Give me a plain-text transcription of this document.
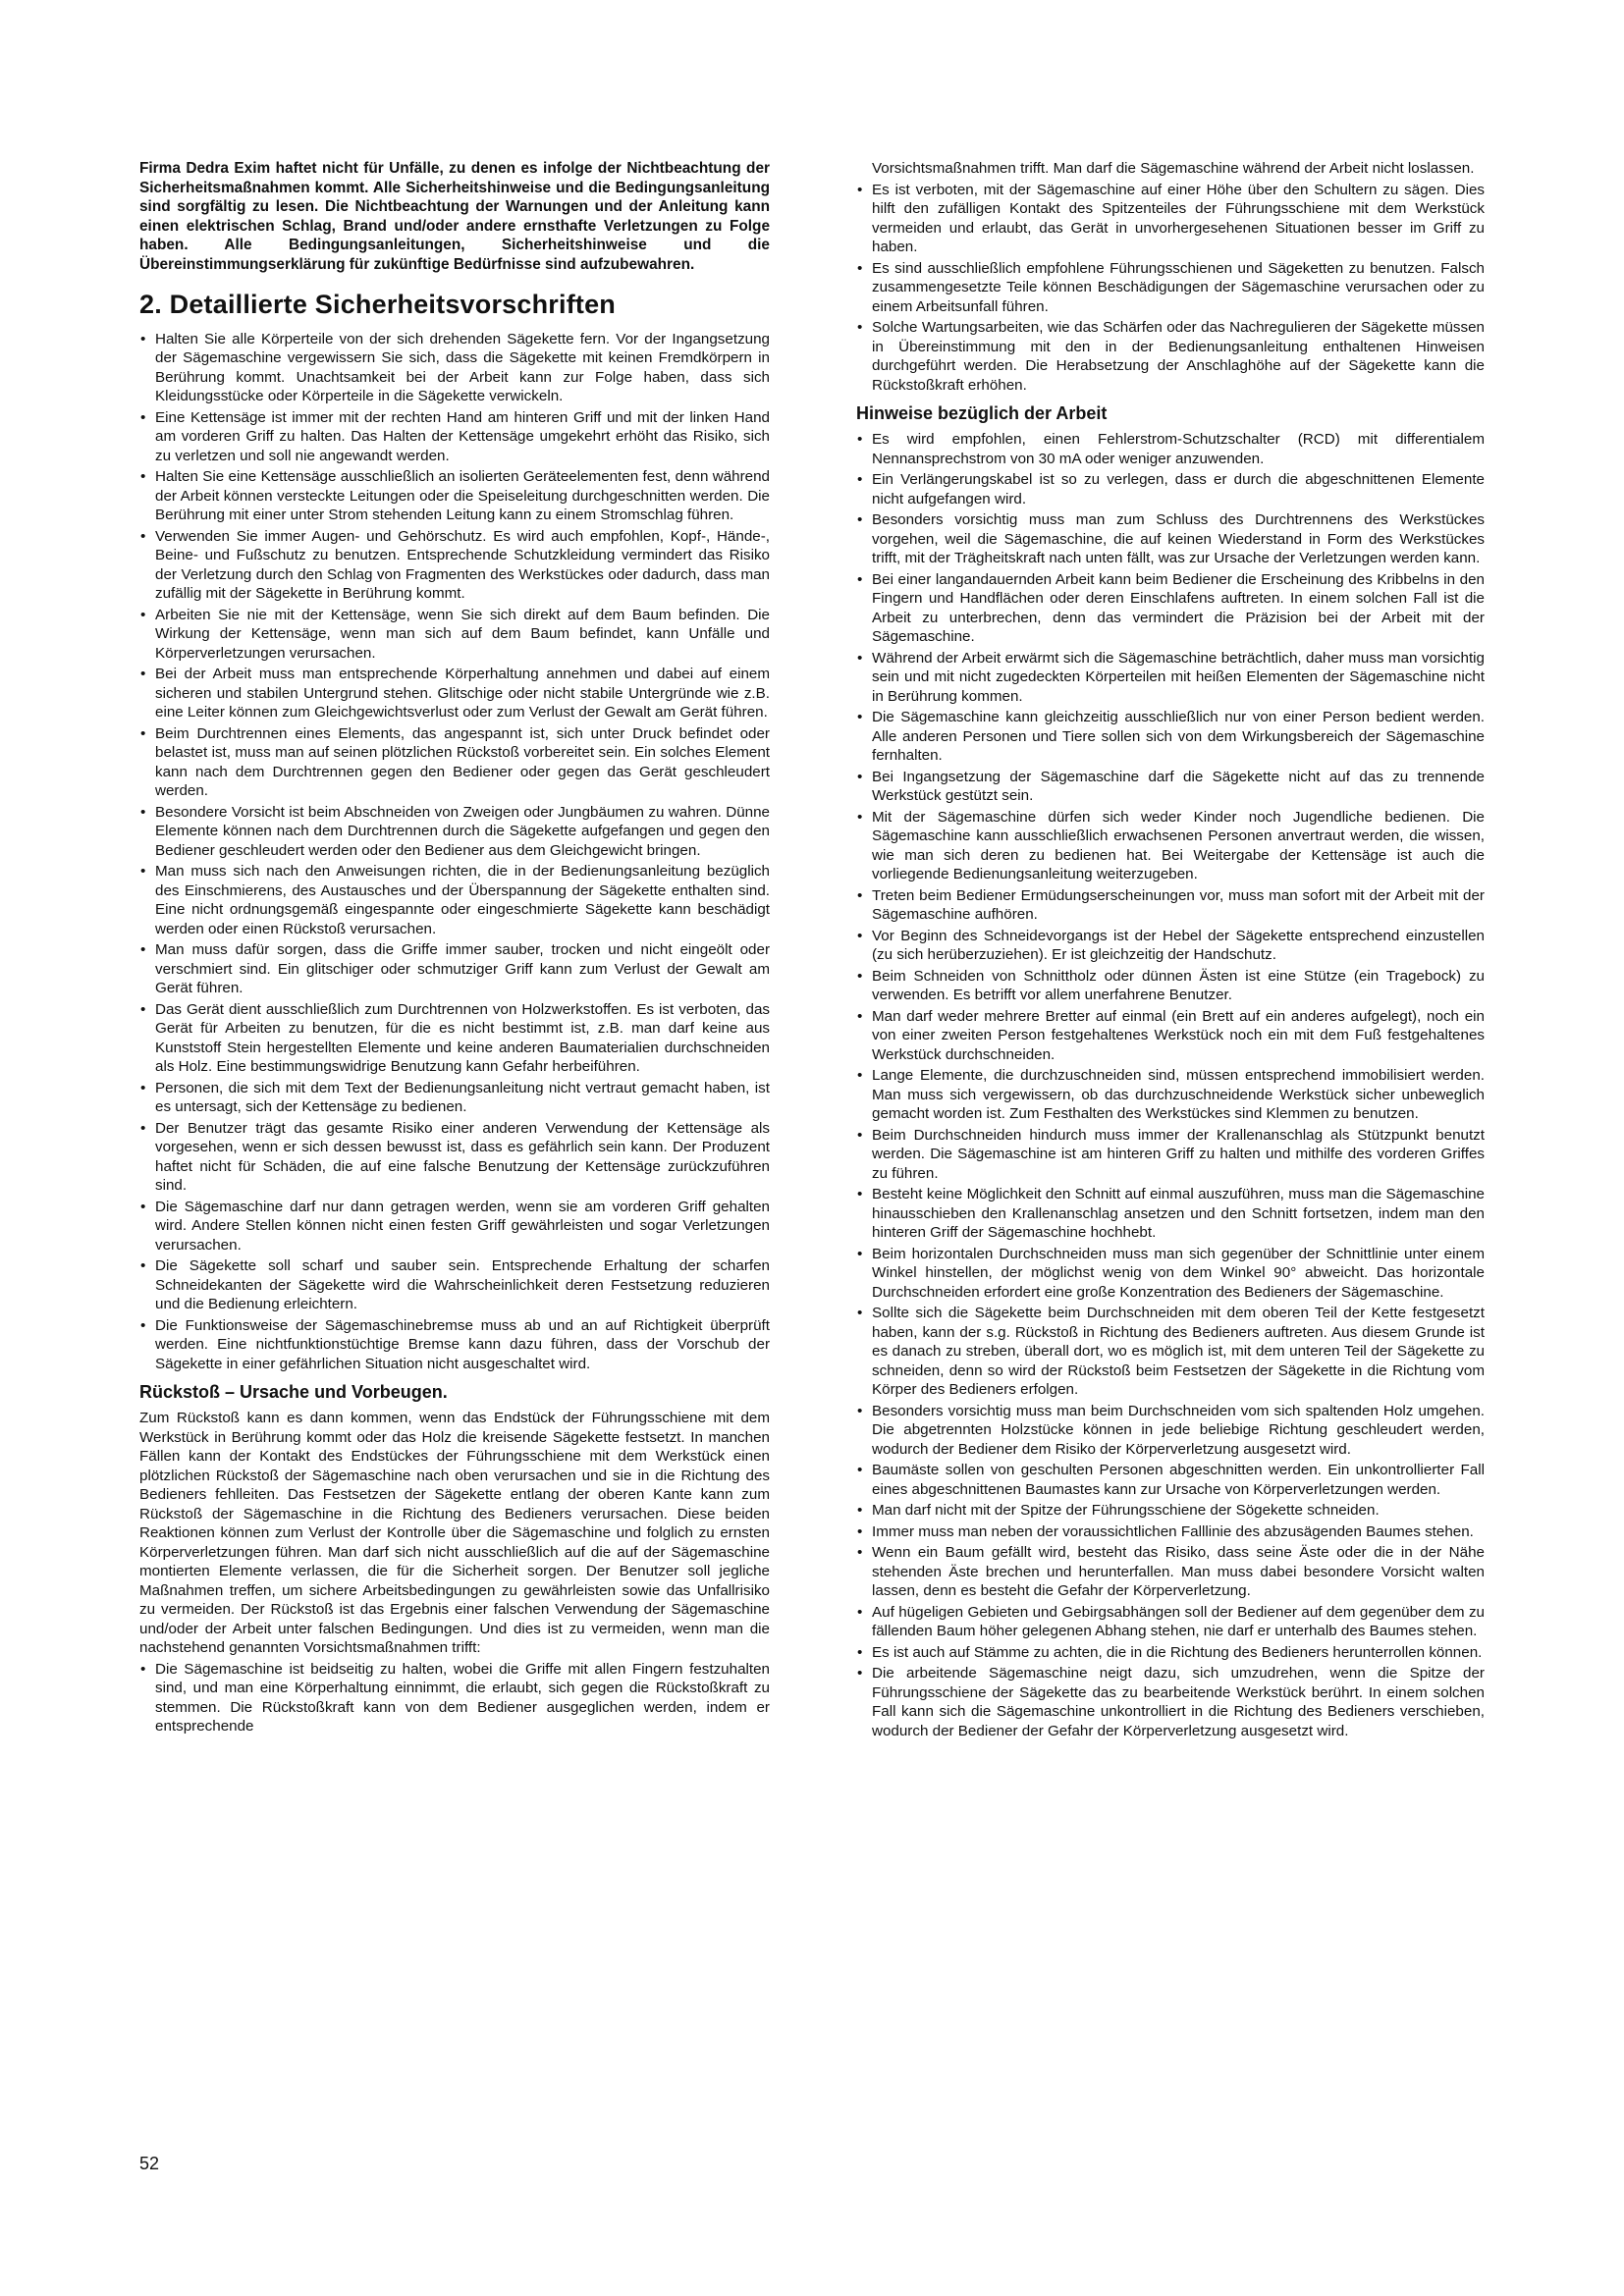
Firma Dedra Exim haftet nicht für Unfälle, zu denen es infolge der Nichtbeachtung der Sicherheitsmaßnahmen kommt. Alle Sicherheitshinweise und die Bedingungsanleitung sind sorgfältig zu lesen. Die Nichtbeachtung der Warnungen und der Anleitung kann einen elektrischen Schlag, Brand und/oder andere ernsthafte Verletzungen zu Folge haben. Alle Bedingungsanleitungen, Sicherheitshinweise und die Übereinstimmungserklärung für zukünftige Bedürfnisse sind aufzubewahren.

2. Detaillierte Sicherheitsvorschriften
• Halten Sie alle Körperteile von der sich drehenden Sägekette fern. Vor der Ingangsetzung der Sägemaschine vergewissern Sie sich, dass die Sägekette mit keinen Fremdkörpern in Berührung kommt. Unachtsamkeit bei der Arbeit kann zur Folge haben, dass sich Kleidungsstücke oder Körperteile in die Sägekette verwickeln.
• Eine Kettensäge ist immer mit der rechten Hand am hinteren Griff und mit der linken Hand am vorderen Griff zu halten. Das Halten der Kettensäge umgekehrt erhöht das Risiko, sich zu verletzen und soll nie angewandt werden.
• Halten Sie eine Kettensäge ausschließlich an isolierten Geräteelementen fest, denn während der Arbeit können versteckte Leitungen oder die Speiseleitung durchgeschnitten werden. Die Berührung mit einer unter Strom stehenden Leitung kann zu einem Stromschlag führen.
• Verwenden Sie immer Augen- und Gehörschutz. Es wird auch empfohlen, Kopf-, Hände-, Beine- und Fußschutz zu benutzen. Entsprechende Schutzkleidung vermindert das Risiko der Verletzung durch den Schlag von Fragmenten des Werkstückes oder dadurch, dass man zufällig mit der Sägekette in Berührung kommt.
• Arbeiten Sie nie mit der Kettensäge, wenn Sie sich direkt auf dem Baum befinden. Die Wirkung der Kettensäge, wenn man sich auf dem Baum befindet, kann Unfälle und Körperverletzungen verursachen.
• Bei der Arbeit muss man entsprechende Körperhaltung annehmen und dabei auf einem sicheren und stabilen Untergrund stehen. Glitschige oder nicht stabile Untergründe wie z.B. eine Leiter können zum Gleichgewichtsverlust oder zum Verlust der Gewalt am Gerät führen.
• Beim Durchtrennen eines Elements, das angespannt ist, sich unter Druck befindet oder belastet ist, muss man auf seinen plötzlichen Rückstoß vorbereitet sein. Ein solches Element kann nach dem Durchtrennen gegen den Bediener oder gegen das Gerät geschleudert werden.
• Besondere Vorsicht ist beim Abschneiden von Zweigen oder Jungbäumen zu wahren. Dünne Elemente können nach dem Durchtrennen durch die Sägekette aufgefangen und gegen den Bediener geschleudert werden oder den Bediener aus dem Gleichgewicht bringen.
• Man muss sich nach den Anweisungen richten, die in der Bedienungsanleitung bezüglich des Einschmierens, des Austausches und der Überspannung der Sägekette enthalten sind. Eine nicht ordnungsgemäß eingespannte oder eingeschmierte Sägekette kann beschädigt werden oder einen Rückstoß verursachen.
• Man muss dafür sorgen, dass die Griffe immer sauber, trocken und nicht eingeölt oder verschmiert sind. Ein glitschiger oder schmutziger Griff kann zum Verlust der Gewalt am Gerät führen.
• Das Gerät dient ausschließlich zum Durchtrennen von Holzwerkstoffen. Es ist verboten, das Gerät für Arbeiten zu benutzen, für die es nicht bestimmt ist, z.B. man darf keine aus Kunststoff Stein hergestellten Elemente und keine anderen Baumaterialien durchschneiden als Holz. Eine bestimmungswidrige Benutzung kann Gefahr herbeiführen.
• Personen, die sich mit dem Text der Bedienungsanleitung nicht vertraut gemacht haben, ist es untersagt, sich der Kettensäge zu bedienen.
• Der Benutzer trägt das gesamte Risiko einer anderen Verwendung der Kettensäge als vorgesehen, wenn er sich dessen bewusst ist, dass es gefährlich sein kann. Der Produzent haftet nicht für Schäden, die auf eine falsche Benutzung der Kettensäge zurückzuführen sind.
• Die Sägemaschine darf nur dann getragen werden, wenn sie am vorderen Griff gehalten wird. Andere Stellen können nicht einen festen Griff gewährleisten und sogar Verletzungen verursachen.
• Die Sägekette soll scharf und sauber sein. Entsprechende Erhaltung der scharfen Schneidekanten der Sägekette wird die Wahrscheinlichkeit deren Festsetzung reduzieren und die Bedienung erleichtern.
• Die Funktionsweise der Sägemaschinebremse muss ab und an auf Richtigkeit überprüft werden. Eine nichtfunktionstüchtige Bremse kann dazu führen, dass der Vorschub der Sägekette in einer gefährlichen Situation nicht ausgeschaltet wird.
Rückstoß – Ursache und Vorbeugen.

Zum Rückstoß kann es dann kommen, wenn das Endstück der Führungsschiene mit dem Werkstück in Berührung kommt oder das Holz die kreisende Sägekette festsetzt. In manchen Fällen kann der Kontakt des Endstückes der Führungsschiene mit dem Werkstück einen plötzlichen Rückstoß der Sägemaschine nach oben verursachen und sie in die Richtung des Bedieners fehlleiten. Das Festsetzen der Sägekette entlang der oberen Kante kann zum Rückstoß der Sägemaschine in die Richtung des Bedieners verursachen. Diese beiden Reaktionen können zum Verlust der Kontrolle über die Sägemaschine und folglich zu ernsten Körperverletzungen führen. Man darf sich nicht ausschließlich auf die auf der Sägemaschine montierten Elemente verlassen, die für die Sicherheit sorgen. Der Benutzer soll jegliche Maßnahmen treffen, um sichere Arbeitsbedingungen zu gewährleisten sowie das Unfallrisiko zu vermeiden. Der Rückstoß ist das Ergebnis einer falschen Verwendung der Sägemaschine und/oder der Arbeit unter falschen Bedingungen. Und dies ist zu vermeiden, wenn man die nachstehend genannten Vorsichtsmaßnahmen trifft:

• Die Sägemaschine ist beidseitig zu halten, wobei die Griffe mit allen Fingern festzuhalten sind, und man eine Körperhaltung einnimmt, die erlaubt, sich gegen die Rückstoßkraft zu stemmen. Die Rückstoßkraft kann von dem Bediener ausgeglichen werden, indem er entsprechende

Vorsichtsmaßnahmen trifft. Man darf die Sägemaschine während der Arbeit nicht loslassen.

• Es ist verboten, mit der Sägemaschine auf einer Höhe über den Schultern zu sägen. Dies hilft den zufälligen Kontakt des Spitzenteiles der Führungsschiene mit dem Werkstück vermeiden und erlaubt, das Gerät in unvorhergesehenen Situationen besser im Griff zu haben.
• Es sind ausschließlich empfohlene Führungsschienen und Sägeketten zu benutzen. Falsch zusammengesetzte Teile können Beschädigungen der Sägemaschine verursachen oder zu einem Arbeitsunfall führen.
• Solche Wartungsarbeiten, wie das Schärfen oder das Nachregulieren der Sägekette müssen in Übereinstimmung mit den in der Bedienungsanleitung enthaltenen Hinweisen durchgeführt werden. Die Herabsetzung der Anschlaghöhe auf der Sägekette kann die Rückstoßkraft erhöhen.
Hinweise bezüglich der Arbeit
• Es wird empfohlen, einen Fehlerstrom-Schutzschalter (RCD) mit differentialem Nennansprechstrom von 30 mA oder weniger anzuwenden.
• Ein Verlängerungskabel ist so zu verlegen, dass er durch die abgeschnittenen Elemente nicht aufgefangen wird.
• Besonders vorsichtig muss man zum Schluss des Durchtrennens des Werkstückes vorgehen, weil die Sägemaschine, die auf keinen Wiederstand in Form des Werkstückes trifft, mit der Trägheitskraft nach unten fällt, was zur Ursache der Verletzungen werden kann.
• Bei einer langandauernden Arbeit kann beim Bediener die Erscheinung des Kribbelns in den Fingern und Handflächen oder deren Einschlafens auftreten. In einem solchen Fall ist die Arbeit zu unterbrechen, denn das vermindert die Präzision bei der Arbeit mit der Sägemaschine.
• Während der Arbeit erwärmt sich die Sägemaschine beträchtlich, daher muss man vorsichtig sein und mit nicht zugedeckten Körperteilen mit heißen Elementen der Sägemaschine nicht in Berührung kommen.
• Die Sägemaschine kann gleichzeitig ausschließlich nur von einer Person bedient werden. Alle anderen Personen und Tiere sollen sich von dem Wirkungsbereich der Sägemaschine fernhalten.
• Bei Ingangsetzung der Sägemaschine darf die Sägekette nicht auf das zu trennende Werkstück gestützt sein.
• Mit der Sägemaschine dürfen sich weder Kinder noch Jugendliche bedienen. Die Sägemaschine kann ausschließlich erwachsenen Personen anvertraut werden, die wissen, wie man sich deren zu bedienen hat. Bei Weitergabe der Kettensäge ist auch die vorliegende Bedienungsanleitung weiterzugeben.
• Treten beim Bediener Ermüdungserscheinungen vor, muss man sofort mit der Arbeit mit der Sägemaschine aufhören.
• Vor Beginn des Schneidevorgangs ist der Hebel der Sägekette entsprechend einzustellen (zu sich herüberzuziehen). Er ist gleichzeitig der Handschutz.
• Beim Schneiden von Schnittholz oder dünnen Ästen ist eine Stütze (ein Tragebock) zu verwenden. Es betrifft vor allem unerfahrene Benutzer.
• Man darf weder mehrere Bretter auf einmal (ein Brett auf ein anderes aufgelegt), noch ein von einer zweiten Person festgehaltenes Werkstück noch ein mit dem Fuß festgehaltenes Werkstück durchschneiden.
• Lange Elemente, die durchzuschneiden sind, müssen entsprechend immobilisiert werden. Man muss sich vergewissern, ob das durchzuschneidende Werkstück sicher unbeweglich gemacht worden ist. Zum Festhalten des Werkstückes sind Klemmen zu benutzen.
• Beim Durchschneiden hindurch muss immer der Krallenanschlag als Stützpunkt benutzt werden. Die Sägemaschine ist am hinteren Griff zu halten und mithilfe des vorderen Griffes zu führen.
• Besteht keine Möglichkeit den Schnitt auf einmal auszuführen, muss man die Sägemaschine hinausschieben den Krallenanschlag ansetzen und den Schnitt fortsetzen, indem man den hinteren Griff der Sägemaschine hochhebt.
• Beim horizontalen Durchschneiden muss man sich gegenüber der Schnittlinie unter einem Winkel hinstellen, der möglichst wenig von dem Winkel 90° abweicht. Das horizontale Durchschneiden erfordert eine große Konzentration des Bedieners der Sägemaschine.
• Sollte sich die Sägekette beim Durchschneiden mit dem oberen Teil der Kette festgesetzt haben, kann der s.g. Rückstoß in Richtung des Bedieners auftreten. Aus diesem Grunde ist es danach zu streben, überall dort, wo es möglich ist, mit dem unteren Teil der Sägekette zu schneiden, denn so wird der Rückstoß beim Festsetzen der Sägekette in die Richtung vom Körper des Bedieners erfolgen.
• Besonders vorsichtig muss man beim Durchschneiden vom sich spaltenden Holz umgehen. Die abgetrennten Holzstücke können in jede beliebige Richtung geschleudert werden, wodurch der Bediener dem Risiko der Körperverletzung ausgesetzt wird.
• Baumäste sollen von geschulten Personen abgeschnitten werden. Ein unkontrollierter Fall eines abgeschnittenen Baumastes kann zur Ursache von Körperverletzungen werden.
• Man darf nicht mit der Spitze der Führungsschiene der Sögekette schneiden.
• Immer muss man neben der voraussichtlichen Falllinie des abzusägenden Baumes stehen.
• Wenn ein Baum gefällt wird, besteht das Risiko, dass seine Äste oder die in der Nähe stehenden Äste brechen und herunterfallen. Man muss dabei besondere Vorsicht walten lassen, denn es besteht die Gefahr der Körperverletzung.
• Auf hügeligen Gebieten und Gebirgsabhängen soll der Bediener auf dem gegenüber dem zu fällenden Baum höher gelegenen Abhang stehen, nie darf er unterhalb des Baumes stehen.
• Es ist auch auf Stämme zu achten, die in die Richtung des Bedieners herunterrollen können.
• Die arbeitende Sägemaschine neigt dazu, sich umzudrehen, wenn die Spitze der Führungsschiene der Sägekette das zu bearbeitende Werkstück berührt. In einem solchen Fall kann sich die Sägemaschine unkontrolliert in die Richtung des Bedieners verschieben, wodurch der Bediener der Gefahr der Körperverletzung ausgesetzt wird.
52
